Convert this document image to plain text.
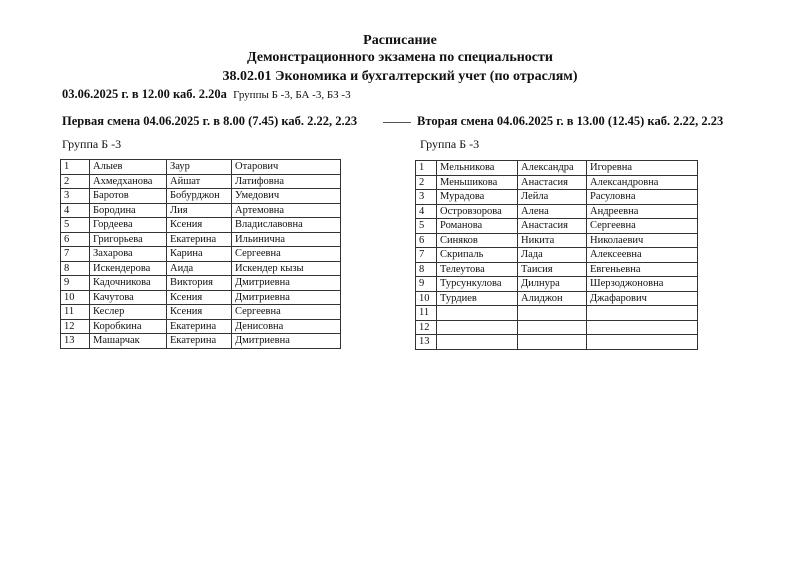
Расписание
Демонстрационного экзамена по специальности
38.02.01 Экономика и бухгалтерский учет (по отраслям)
03.06.2025 г. в 12.00 каб. 2.20а Группы Б -3, БА -3, БЗ -3
Первая смена 04.06.2025 г. в 8.00 (7.45) каб. 2.22, 2.23	Вторая смена 04.06.2025 г. в 13.00 (12.45) каб. 2.22, 2.23
Группа Б -3	Группа Б -3
1	Алыев	Заур	Отарович
2	Ахмедханова	Айшат	Латифовна
3	Баротов	Бобурджон	Умедович
4	Бородина	Лия	Артемовна
5	Гордеева	Ксения	Владиславовна
6	Григорьева	Екатерина	Ильинична
7	Захарова	Карина	Сергеевна
8	Искендерова	Аида	Искендер кызы
9	Кадочникова	Виктория	Дмитриевна
10	Качутова	Ксения	Дмитриевна
11	Кеслер	Ксения	Сергеевна
12	Коробкина	Екатерина	Денисовна
13	Машарчак	Екатерина	Дмитриевна
1	Мельникова	Александра	Игоревна
2	Меньшикова	Анастасия	Александровна
3	Мурадова	Лейла	Расуловна
4	Островзорова	Алена	Андреевна
5	Романова	Анастасия	Сергеевна
6	Синяков	Никита	Николаевич
7	Скрипаль	Лада	Алексеевна
8	Телеутова	Таисия	Евгеньевна
9	Турсункулова	Дилнура	Шерзоджоновна
10	Турдиев	Алиджон	Джафарович
11			
12			
13			
